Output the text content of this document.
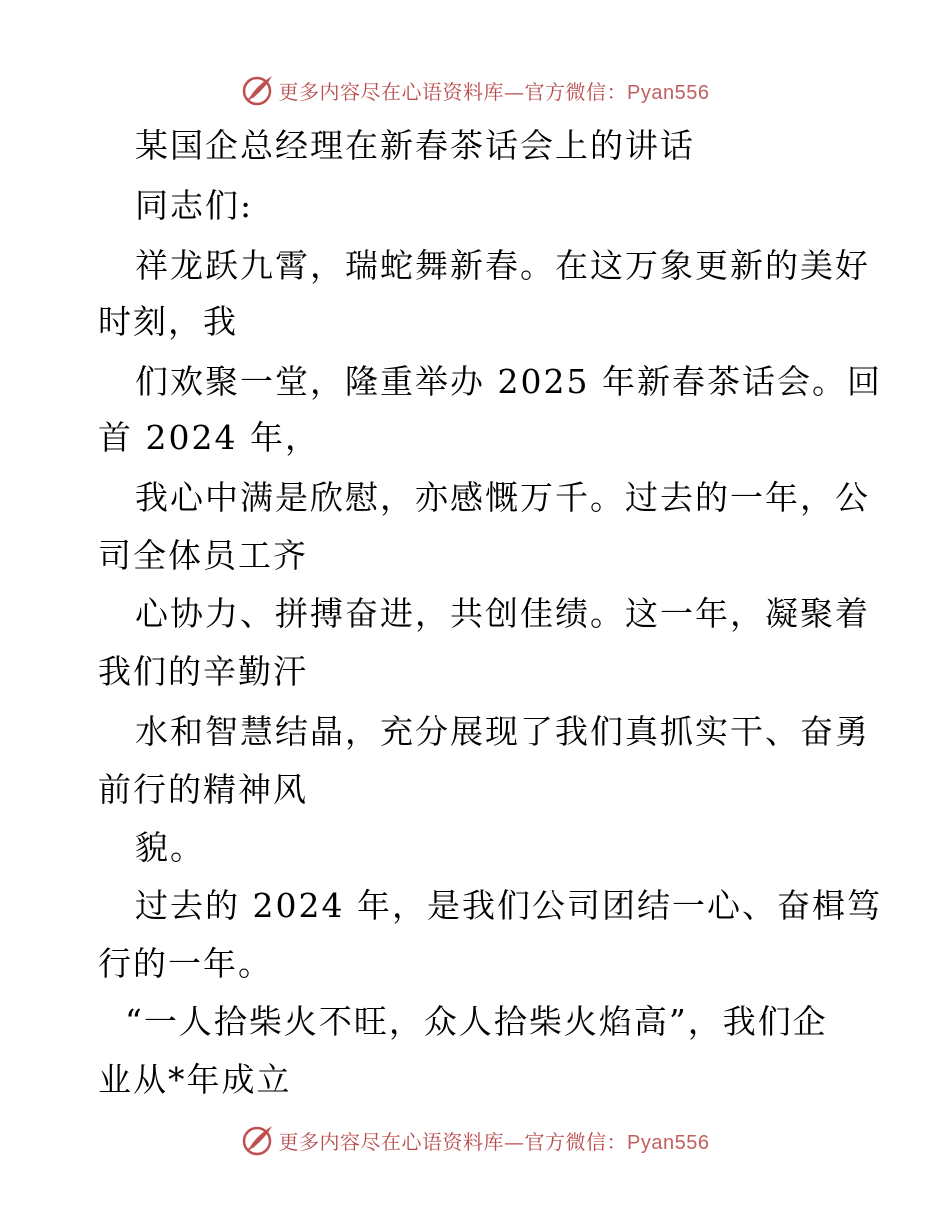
更多内容尽在心语资料库—官方微信：Pyan556
某国企总经理在新春茶话会上的讲话
同志们:
祥龙跃九霄，瑞蛇舞新春。在这万象更新的美好
时刻，我
们欢聚一堂，隆重举办 2025 年新春茶话会。回
首 2024 年，
我心中满是欣慰，亦感慨万千。过去的一年，公
司全体员工齐
心协力、拼搏奋进，共创佳绩。这一年，凝聚着
我们的辛勤汗
水和智慧结晶，充分展现了我们真抓实干、奋勇
前行的精神风
貌。
过去的 2024 年，是我们公司团结一心、奋楫笃
行的一年。
“一人拾柴火不旺，众人拾柴火焰高”，我们企
业从*年成立
更多内容尽在心语资料库—官方微信：Pyan556
